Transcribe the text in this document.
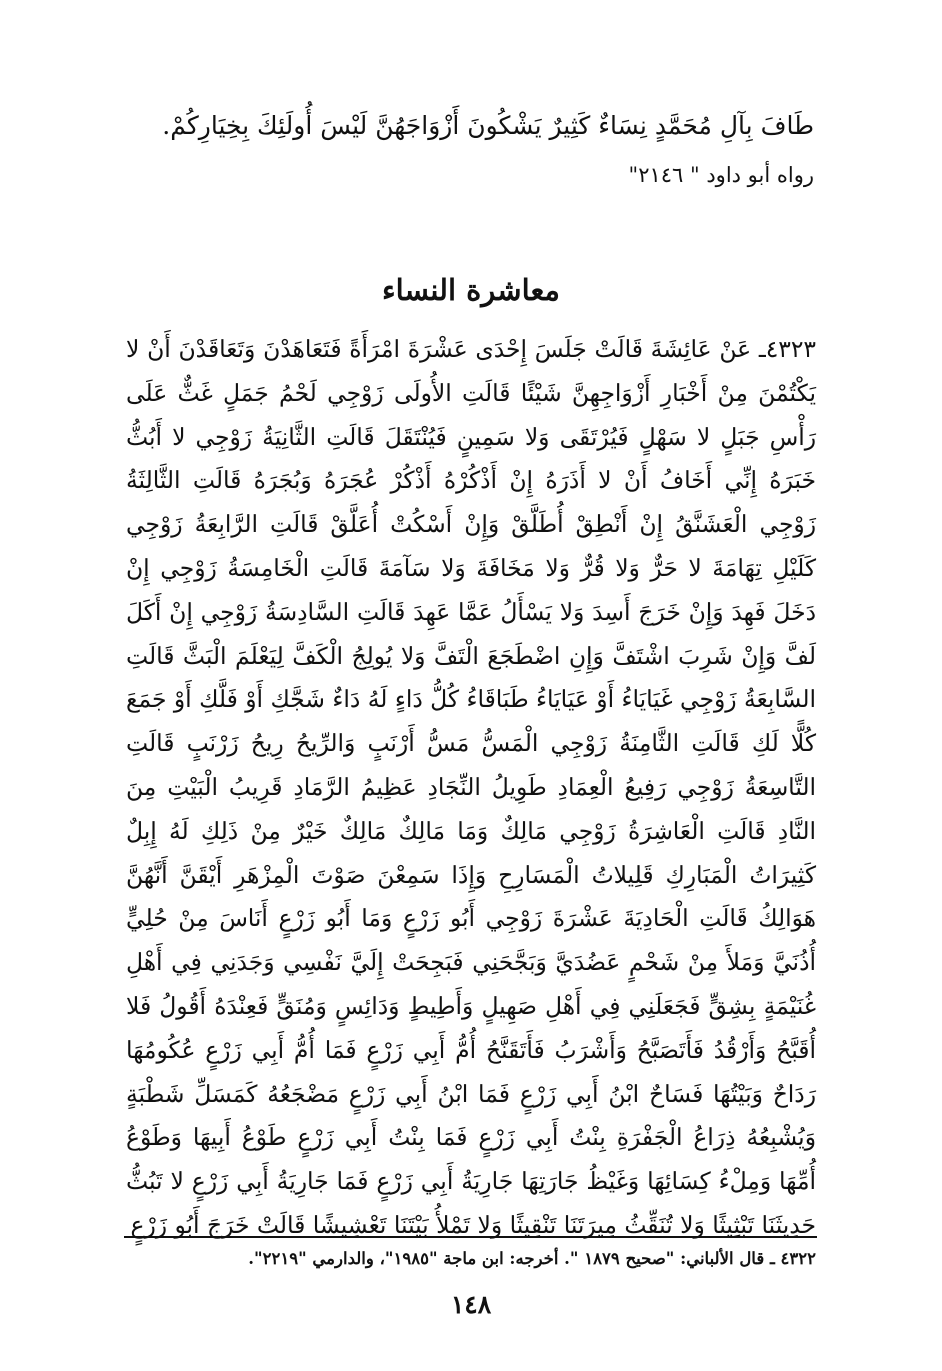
طَافَ بِآلِ مُحَمَّدٍ نِسَاءٌ كَثِيرٌ يَشْكُونَ أَزْوَاجَهُنَّ لَيْسَ أُولَئِكَ بِخِيَارِكُمْ.
رواه أبو داود " ٢١٤٦"
معاشرة النساء
٤٣٢٣ـ عَنْ عَائِشَةَ قَالَتْ جَلَسَ إِحْدَى عَشْرَةَ امْرَأَةً فَتَعَاهَدْنَ وَتَعَاقَدْنَ أَنْ لا يَكْتُمْنَ مِنْ أَخْبَارِ أَزْوَاجِهِنَّ شَيْئًا قَالَتِ الأُولَى زَوْجِي لَحْمُ جَمَلٍ غَثٌّ عَلَى رَأْسِ جَبَلٍ لا سَهْلٍ فَيُرْتَقَى وَلا سَمِينٍ فَيُنْتَقَلَ قَالَتِ الثَّانِيَةُ زَوْجِي لا أَبُثُّ خَبَرَهُ إِنِّي أَخَافُ أَنْ لا أَذَرَهُ إِنْ أَذْكُرْهُ أَذْكُرْ عُجَرَهُ وَبُجَرَهُ قَالَتِ الثَّالِثَةُ زَوْجِي الْعَشَنَّقُ إِنْ أَنْطِقْ أُطَلَّقْ وَإِنْ أَسْكُتْ أُعَلَّقْ قَالَتِ الرَّابِعَةُ زَوْجِي كَلَيْلِ تِهَامَةَ لا حَرٌّ وَلا قُرٌّ وَلا مَخَافَةَ وَلا سَآمَةَ قَالَتِ الْخَامِسَةُ زَوْجِي إِنْ دَخَلَ فَهِدَ وَإِنْ خَرَجَ أَسِدَ وَلا يَسْأَلُ عَمَّا عَهِدَ قَالَتِ السَّادِسَةُ زَوْجِي إِنْ أَكَلَ لَفَّ وَإِنْ شَرِبَ اشْتَفَّ وَإِنِ اضْطَجَعَ الْتَفَّ وَلا يُولِجُ الْكَفَّ لِيَعْلَمَ الْبَثَّ قَالَتِ السَّابِعَةُ زَوْجِي غَيَايَاءُ أَوْ عَيَايَاءُ طَبَاقَاءُ كُلُّ دَاءٍ لَهُ دَاءٌ شَجَّكِ أَوْ فَلَّكِ أَوْ جَمَعَ كُلًّا لَكِ قَالَتِ الثَّامِنَةُ زَوْجِي الْمَسُّ مَسُّ أَرْنَبٍ وَالرِّيحُ رِيحُ زَرْنَبٍ قَالَتِ التَّاسِعَةُ زَوْجِي رَفِيعُ الْعِمَادِ طَوِيلُ النِّجَادِ عَظِيمُ الرَّمَادِ قَرِيبُ الْبَيْتِ مِنَ النَّادِ قَالَتِ الْعَاشِرَةُ زَوْجِي مَالِكٌ وَمَا مَالِكٌ مَالِكٌ خَيْرٌ مِنْ ذَلِكِ لَهُ إِبِلٌ كَثِيرَاتُ الْمَبَارِكِ قَلِيلاتُ الْمَسَارِحِ وَإِذَا سَمِعْنَ صَوْتَ الْمِزْهَرِ أَيْقَنَّ أَنَّهُنَّ هَوَالِكُ قَالَتِ الْحَادِيَةَ عَشْرَةَ زَوْجِي أَبُو زَرْعٍ وَمَا أَبُو زَرْعٍ أَنَاسَ مِنْ حُلِيٍّ أُذُنَيَّ وَمَلأَ مِنْ شَحْمٍ عَضُدَيَّ وَبَجَّحَنِي فَبَجِحَتْ إِلَيَّ نَفْسِي وَجَدَنِي فِي أَهْلِ غُنَيْمَةٍ بِشِقٍّ فَجَعَلَنِي فِي أَهْلِ صَهِيلٍ وَأَطِيطٍ وَدَائِسٍ وَمُنَقٍّ فَعِنْدَهُ أَقُولُ فَلا أُقَبَّحُ وَأَرْقُدُ فَأَتَصَبَّحُ وَأَشْرَبُ فَأَتَقَنَّحُ أُمُّ أَبِي زَرْعٍ فَمَا أُمُّ أَبِي زَرْعٍ عُكُومُهَا رَدَاحٌ وَبَيْتُهَا فَسَاحٌ ابْنُ أَبِي زَرْعٍ فَمَا ابْنُ أَبِي زَرْعٍ مَضْجَعُهُ كَمَسَلِّ شَطْبَةٍ وَيُشْبِعُهُ ذِرَاعُ الْجَفْرَةِ بِنْتُ أَبِي زَرْعٍ فَمَا بِنْتُ أَبِي زَرْعٍ طَوْعُ أَبِيهَا وَطَوْعُ أُمِّهَا وَمِلْءُ كِسَائِهَا وَغَيْظُ جَارَتِهَا جَارِيَةُ أَبِي زَرْعٍ فَمَا جَارِيَةُ أَبِي زَرْعٍ لا تَبُثُّ حَدِيثَنَا تَبْثِيثًا وَلا تُنَقِّثُ مِيرَتَنَا تَنْقِيثًا وَلا تَمْلأُ بَيْتَنَا تَعْشِيشًا قَالَتْ خَرَجَ أَبُو زَرْعٍ
٤٣٢٢ ـ قال الألباني: "صحيح ١٨٧٩ ". أخرجه: ابن ماجة "١٩٨٥"، والدارمي "٢٢١٩".
١٤٨
